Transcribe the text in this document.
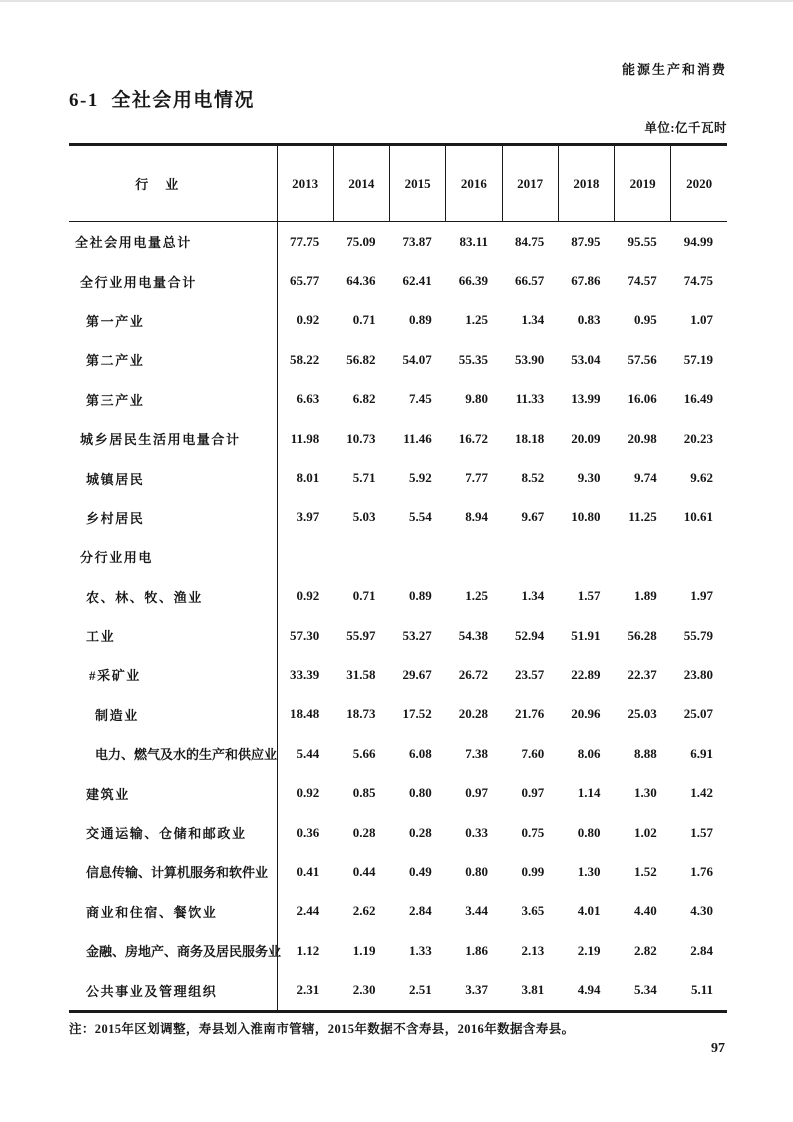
能源生产和消费
6-1  全社会用电情况
单位:亿千瓦时
行　业	2013	2014	2015	2016	2017	2018	2019	2020
全社会用电量总计	77.75	75.09	73.87	83.11	84.75	87.95	95.55	94.99
全行业用电量合计	65.77	64.36	62.41	66.39	66.57	67.86	74.57	74.75
第一产业	0.92	0.71	0.89	1.25	1.34	0.83	0.95	1.07
第二产业	58.22	56.82	54.07	55.35	53.90	53.04	57.56	57.19
第三产业	6.63	6.82	7.45	9.80	11.33	13.99	16.06	16.49
城乡居民生活用电量合计	11.98	10.73	11.46	16.72	18.18	20.09	20.98	20.23
城镇居民	8.01	5.71	5.92	7.77	8.52	9.30	9.74	9.62
乡村居民	3.97	5.03	5.54	8.94	9.67	10.80	11.25	10.61
分行业用电								
农、林、牧、渔业	0.92	0.71	0.89	1.25	1.34	1.57	1.89	1.97
工业	57.30	55.97	53.27	54.38	52.94	51.91	56.28	55.79
#采矿业	33.39	31.58	29.67	26.72	23.57	22.89	22.37	23.80
制造业	18.48	18.73	17.52	20.28	21.76	20.96	25.03	25.07
电力、燃气及水的生产和供应业	5.44	5.66	6.08	7.38	7.60	8.06	8.88	6.91
建筑业	0.92	0.85	0.80	0.97	0.97	1.14	1.30	1.42
交通运输、仓储和邮政业	0.36	0.28	0.28	0.33	0.75	0.80	1.02	1.57
信息传输、计算机服务和软件业	0.41	0.44	0.49	0.80	0.99	1.30	1.52	1.76
商业和住宿、餐饮业	2.44	2.62	2.84	3.44	3.65	4.01	4.40	4.30
金融、房地产、商务及居民服务业	1.12	1.19	1.33	1.86	2.13	2.19	2.82	2.84
公共事业及管理组织	2.31	2.30	2.51	3.37	3.81	4.94	5.34	5.11
注：2015年区划调整，寿县划入淮南市管辖，2015年数据不含寿县，2016年数据含寿县。
97
